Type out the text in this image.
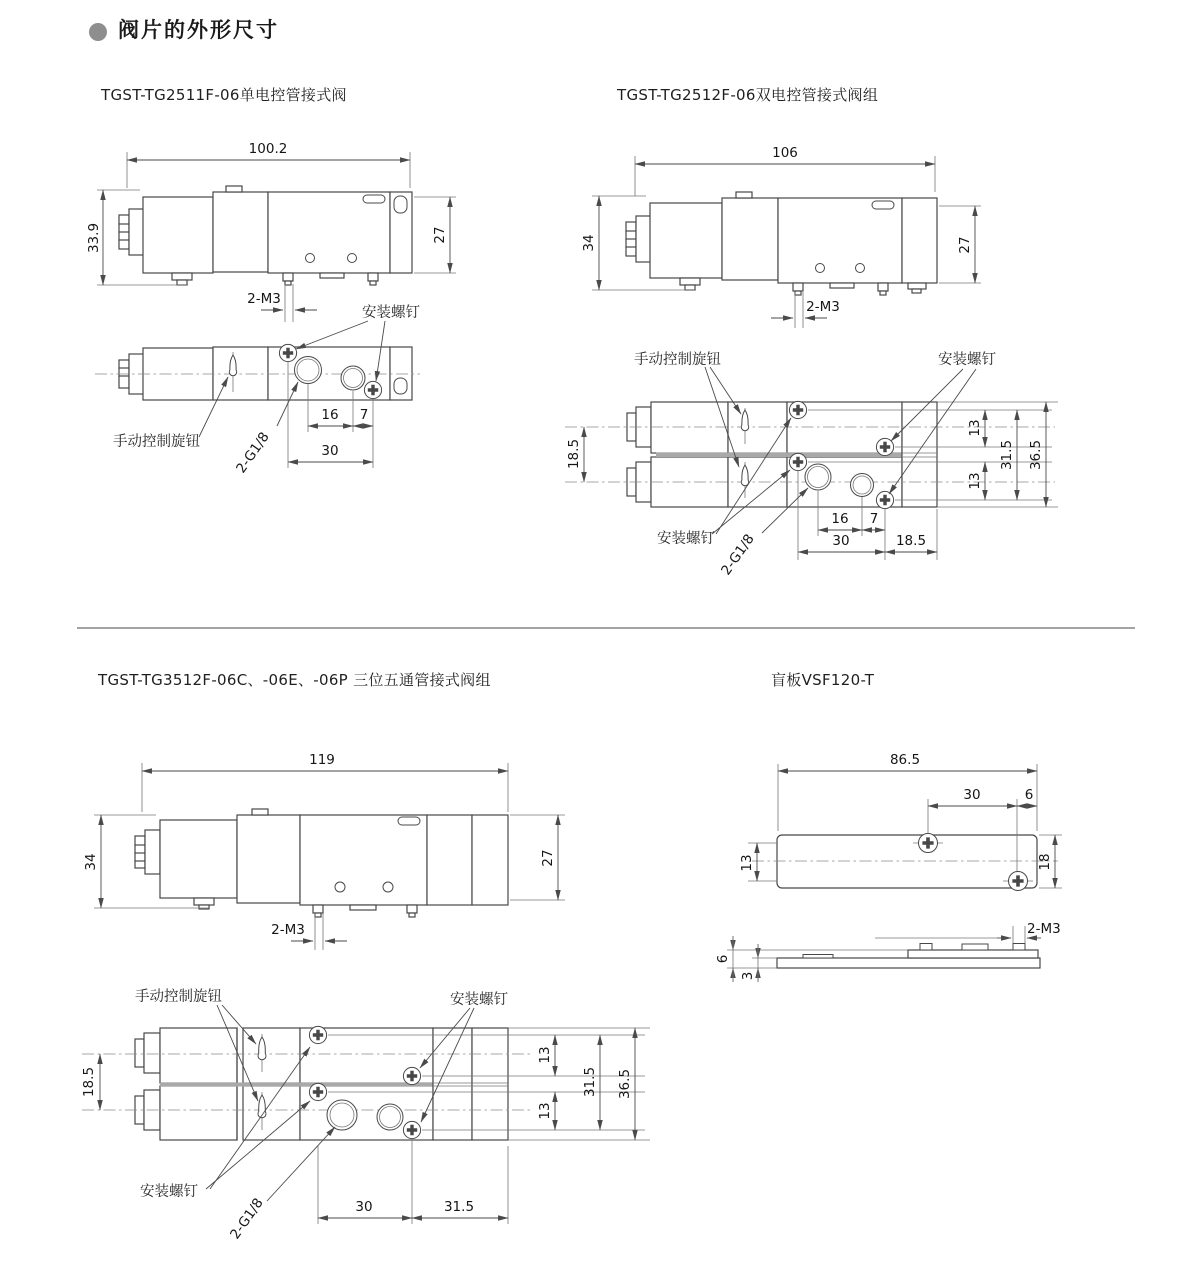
阀片的外形尺寸
TGST-TG2511F-06单电控管接式阀	TGST-TG2512F-06双电控管接式阀组
TGST-TG3512F-06C、-06E、-06P 三位五通管接式阀组	盲板VSF120-T
100.2
33.9	27
2-M3
16 7
30
安装螺钉
手动控制旋钮 2-G1/8
106
34	27
2-M3
13
13
31.5 36.5
18.5
16 7
30	18.5
手动控制旋钮	安装螺钉
安装螺钉 2-G1/8
119
34	27
2-M3
13
13
31.5 36.5
18.5
30	31.5
手动控制旋钮	安装螺钉
安装螺钉
2-G1/8
86.5
30	6
13	18
2-M3
6
3
